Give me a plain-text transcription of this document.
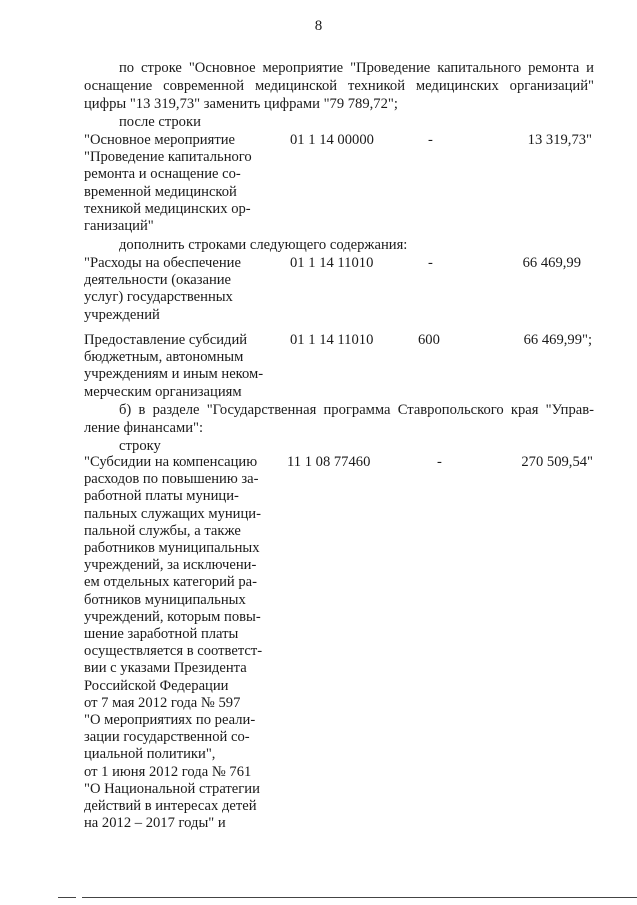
8
по строке "Основное мероприятие "Проведение капитального ремонта и
оснащение современной медицинской техникой медицинских организаций"
цифры "13 319,73" заменить цифрами "79 789,72";
после строки
"Основное мероприятие
"Проведение капитального
ремонта и оснащение со-
временной медицинской
техникой медицинских ор-
ганизаций"
01 1 14 00000	-	13 319,73"
дополнить строками следующего содержания:
"Расходы на обеспечение
деятельности (оказание
услуг) государственных
учреждений
01 1 14 11010	-	66 469,99
Предоставление субсидий
бюджетным, автономным
учреждениям и иным неком-
мерческим организациям
01 1 14 11010	600	66 469,99";
б) в разделе "Государственная программа Ставропольского края "Управ-
ление финансами":
строку
"Субсидии на компенсацию
расходов по повышению за-
работной платы муници-
пальных служащих муници-
пальной службы, а также
работников муниципальных
учреждений, за исключени-
ем отдельных категорий ра-
ботников муниципальных
учреждений, которым повы-
шение заработной платы
осуществляется в соответст-
вии с указами Президента
Российской Федерации
от 7 мая 2012 года № 597
"О мероприятиях по реали-
зации государственной со-
циальной политики",
от 1 июня 2012 года № 761
"О Национальной стратегии
действий в интересах детей
на 2012 – 2017 годы" и
11 1 08 77460	-	270 509,54"
